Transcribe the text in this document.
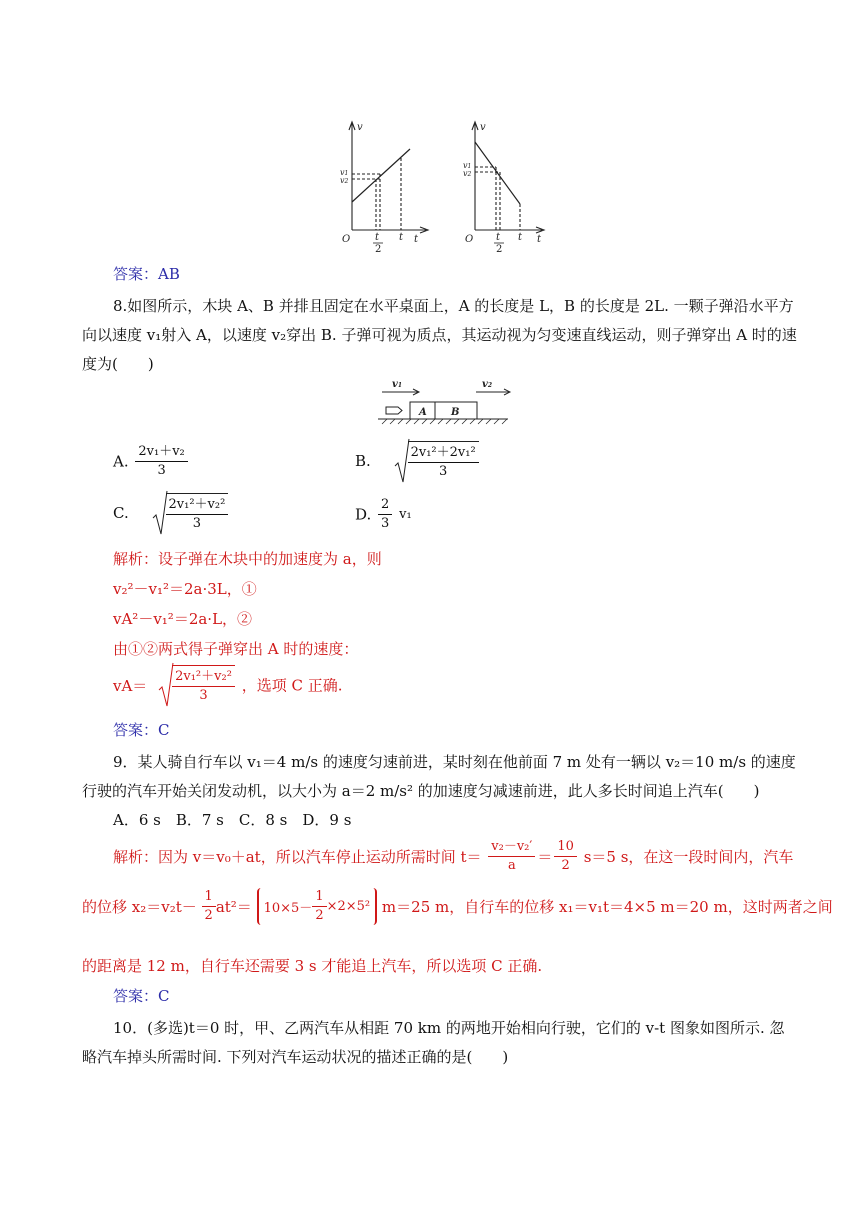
v
v1
v2
O t
2
t t
v
v1
v2
O t
2
t t
答案：AB
8.如图所示，木块 A、B 并排且固定在水平桌面上，A 的长度是 L，B 的长度是 2L. 一颗子弹沿水平方
向以速度 v₁射入 A，以速度 v₂穿出 B. 子弹可视为质点，其运动视为匀变速直线运动，则子弹穿出 A 时的速
度为(　　)
v1	v2
A B
A. $\frac{\text{2v₁＋v₂}}{3}$	B.	$\frac{\text{2v₁²＋2v₁²}}{3}$
C.	$\frac{\text{2v₁²＋v₂²}}{3}$	D. $\frac{2}{3} v_1$
解析：设子弹在木块中的加速度为 a，则
v₂²－v₁²＝2a·3L，①
vA²－v₁²＝2a·L，②
由①②两式得子弹穿出 A 时的速度：
$vA= \frac{\text{2v₁²＋v₂²}}{3}$ ，选项 C 正确.
答案：C
9．某人骑自行车以 v₁＝4 m/s 的速度匀速前进，某时刻在他前面 7 m 处有一辆以 v₂＝10 m/s 的速度
行驶的汽车开始关闭发动机，以大小为 a＝2 m/s² 的加速度匀减速前进，此人多长时间追上汽车(　　)
A．6 s　B．7 s　C．8 s　D．9 s
解析：因为 v＝v₀＋at，所以汽车停止运动所需时间 $t= \frac{\text{v₂－v₂′}}{a} = \frac{10}{2} s=5$ s，在这一段时间内，汽车
的位移 $x_2=v_2t- \frac{1}{2} at^2= 10\times 5- \frac{1}{2} \times 2\times 5^2$ m＝25 m，自行车的位移 x₁＝v₁t＝4×5 m＝20 m，这时两者之间
的距离是 12 m，自行车还需要 3 s 才能追上汽车，所以选项 C 正确.
答案：C
10．(多选)t＝0 时，甲、乙两汽车从相距 70 km 的两地开始相向行驶，它们的 v-t 图象如图所示. 忽
略汽车掉头所需时间. 下列对汽车运动状况的描述正确的是(　　)
